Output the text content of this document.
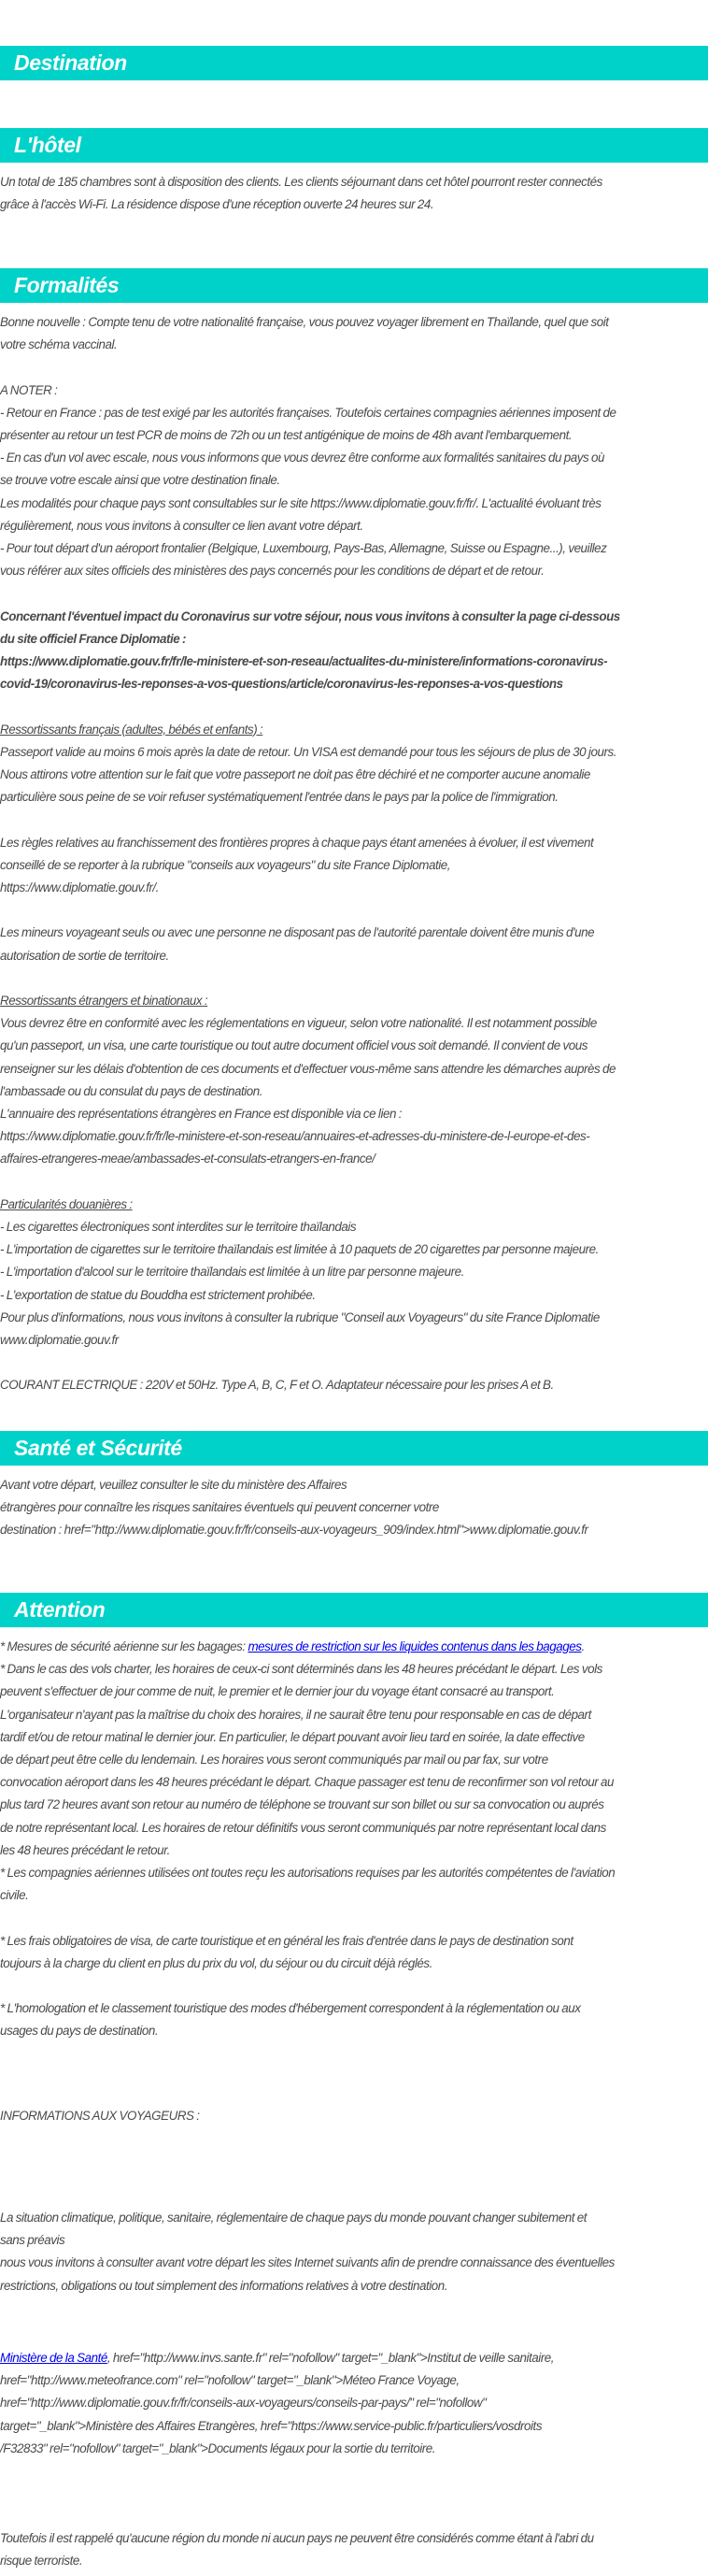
Destination
L'hôtel
Un total de 185 chambres sont à disposition des clients. Les clients séjournant dans cet hôtel pourront rester connectés
grâce à l'accès Wi-Fi. La résidence dispose d'une réception ouverte 24 heures sur 24.
Formalités
Bonne nouvelle : Compte tenu de votre nationalité française, vous pouvez voyager librement en Thaïlande, quel que soit
votre schéma vaccinal.
A NOTER :
- Retour en France : pas de test exigé par les autorités françaises. Toutefois certaines compagnies aériennes imposent de
présenter au retour un test PCR de moins de 72h ou un test antigénique de moins de 48h avant l'embarquement.
- En cas d'un vol avec escale, nous vous informons que vous devrez être conforme aux formalités sanitaires du pays où
se trouve votre escale ainsi que votre destination finale.
Les modalités pour chaque pays sont consultables sur le site https://www.diplomatie.gouv.fr/fr/. L'actualité évoluant très
régulièrement, nous vous invitons à consulter ce lien avant votre départ.
- Pour tout départ d'un aéroport frontalier (Belgique, Luxembourg, Pays-Bas, Allemagne, Suisse ou Espagne...), veuillez
vous référer aux sites officiels des ministères des pays concernés pour les conditions de départ et de retour.
Concernant l'éventuel impact du Coronavirus sur votre séjour, nous vous invitons à consulter la page ci-dessous
du site officiel France Diplomatie :
https://www.diplomatie.gouv.fr/fr/le-ministere-et-son-reseau/actualites-du-ministere/informations-coronavirus-
covid-19/coronavirus-les-reponses-a-vos-questions/article/coronavirus-les-reponses-a-vos-questions
Ressortissants français (adultes, bébés et enfants) :
Passeport valide au moins 6 mois après la date de retour. Un VISA est demandé pour tous les séjours de plus de 30 jours.
Nous attirons votre attention sur le fait que votre passeport ne doit pas être déchiré et ne comporter aucune anomalie
particulière sous peine de se voir refuser systématiquement l'entrée dans le pays par la police de l'immigration.
Les règles relatives au franchissement des frontières propres à chaque pays étant amenées à évoluer, il est vivement
conseillé de se reporter à la rubrique "conseils aux voyageurs" du site France Diplomatie,
https://www.diplomatie.gouv.fr/.
Les mineurs voyageant seuls ou avec une personne ne disposant pas de l'autorité parentale doivent être munis d'une
autorisation de sortie de territoire.
Ressortissants étrangers et binationaux :
Vous devrez être en conformité avec les réglementations en vigueur, selon votre nationalité. Il est notamment possible
qu'un passeport, un visa, une carte touristique ou tout autre document officiel vous soit demandé. Il convient de vous
renseigner sur les délais d'obtention de ces documents et d'effectuer vous-même sans attendre les démarches auprès de
l'ambassade ou du consulat du pays de destination.
L'annuaire des représentations étrangères en France est disponible via ce lien :
https://www.diplomatie.gouv.fr/fr/le-ministere-et-son-reseau/annuaires-et-adresses-du-ministere-de-l-europe-et-des-
affaires-etrangeres-meae/ambassades-et-consulats-etrangers-en-france/
Particularités douanières :
- Les cigarettes électroniques sont interdites sur le territoire thaïlandais
- L'importation de cigarettes sur le territoire thaïlandais est limitée à 10 paquets de 20 cigarettes par personne majeure.
- L'importation d'alcool sur le territoire thaïlandais est limitée à un litre par personne majeure.
- L'exportation de statue du Bouddha est strictement prohibée.
Pour plus d'informations, nous vous invitons à consulter la rubrique "Conseil aux Voyageurs" du site France Diplomatie
www.diplomatie.gouv.fr
COURANT ELECTRIQUE : 220V et 50Hz. Type A, B, C, F et O. Adaptateur nécessaire pour les prises A et B.
Santé et Sécurité
Avant votre départ, veuillez consulter le site du ministère des Affaires
étrangères pour connaître les risques sanitaires éventuels qui peuvent concerner votre
destination : href="http://www.diplomatie.gouv.fr/fr/conseils-aux-voyageurs_909/index.html">www.diplomatie.gouv.fr
Attention
* Mesures de sécurité aérienne sur les bagages: mesures de restriction sur les liquides contenus dans les bagages.
* Dans le cas des vols charter, les horaires de ceux-ci sont déterminés dans les 48 heures précédant le départ. Les vols
peuvent s'effectuer de jour comme de nuit, le premier et le dernier jour du voyage étant consacré au transport.
L'organisateur n'ayant pas la maîtrise du choix des horaires, il ne saurait être tenu pour responsable en cas de départ
tardif et/ou de retour matinal le dernier jour. En particulier, le départ pouvant avoir lieu tard en soirée, la date effective
de départ peut être celle du lendemain. Les horaires vous seront communiqués par mail ou par fax, sur votre
convocation aéroport dans les 48 heures précédant le départ. Chaque passager est tenu de reconfirmer son vol retour au
plus tard 72 heures avant son retour au numéro de téléphone se trouvant sur son billet ou sur sa convocation ou auprés
de notre représentant local. Les horaires de retour définitifs vous seront communiqués par notre représentant local dans
les 48 heures précédant le retour.
* Les compagnies aériennes utilisées ont toutes reçu les autorisations requises par les autorités compétentes de l'aviation
civile.
* Les frais obligatoires de visa, de carte touristique et en général les frais d'entrée dans le pays de destination sont
toujours à la charge du client en plus du prix du vol, du séjour ou du circuit déjà réglés.
* L'homologation et le classement touristique des modes d'hébergement correspondent à la réglementation ou aux
usages du pays de destination.
INFORMATIONS AUX VOYAGEURS :
La situation climatique, politique, sanitaire, réglementaire de chaque pays du monde pouvant changer subitement et
sans préavis
nous vous invitons à consulter avant votre départ les sites Internet suivants afin de prendre connaissance des éventuelles
restrictions, obligations ou tout simplement des informations relatives à votre destination.
Ministère de la Santé, href="http://www.invs.sante.fr" rel="nofollow" target="_blank">Institut de veille sanitaire,
href="http://www.meteofrance.com" rel="nofollow" target="_blank">Méteo France Voyage,
href="http://www.diplomatie.gouv.fr/fr/conseils-aux-voyageurs/conseils-par-pays/" rel="nofollow"
target="_blank">Ministère des Affaires Etrangères, href="https://www.service-public.fr/particuliers/vosdroits
/F32833" rel="nofollow" target="_blank">Documents légaux pour la sortie du territoire.
Toutefois il est rappelé qu'aucune région du monde ni aucun pays ne peuvent être considérés comme étant à l'abri du
risque terroriste.
